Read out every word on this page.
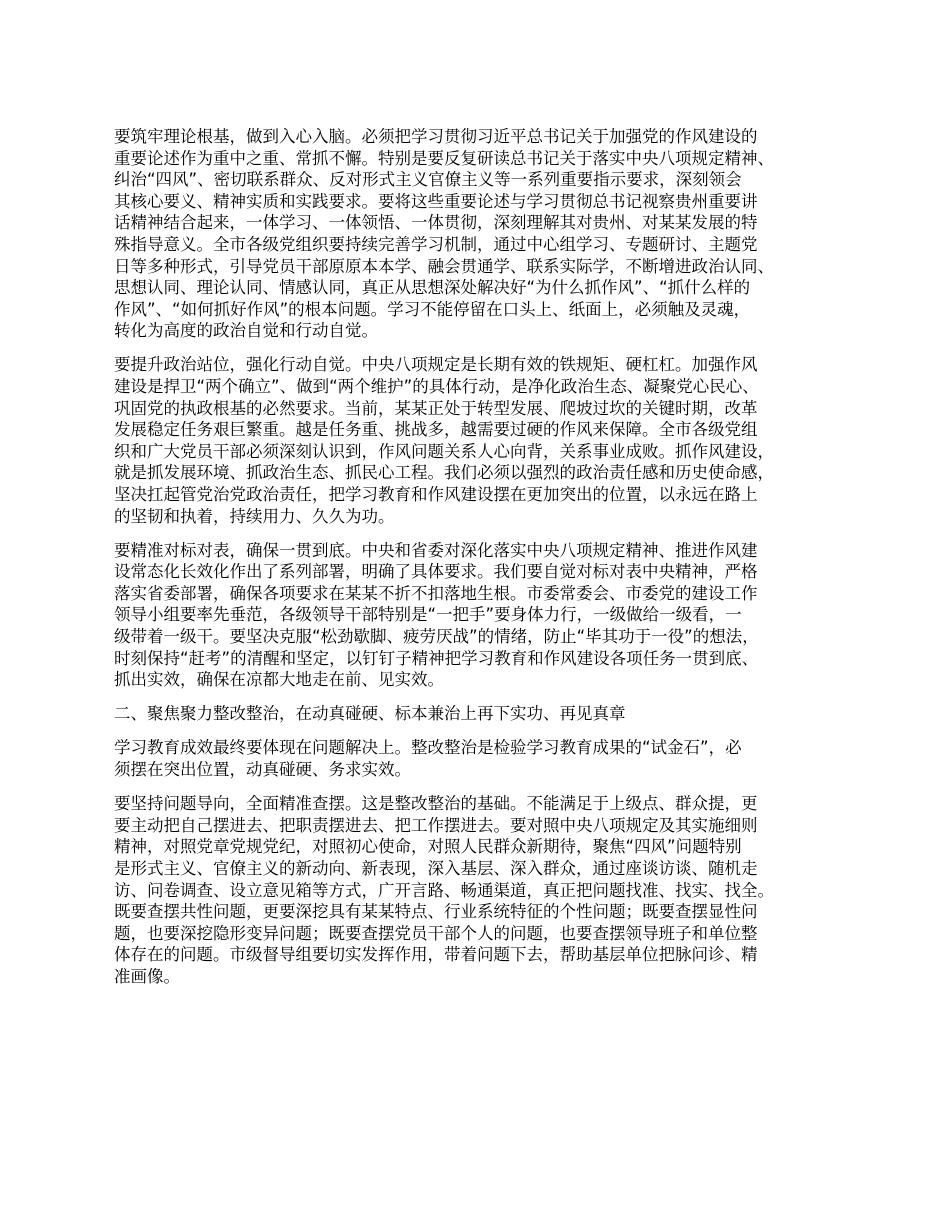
要筑牢理论根基，做到入心入脑。必须把学习贯彻习近平总书记关于加强党的作风建设的
重要论述作为重中之重、常抓不懈。特别是要反复研读总书记关于落实中央八项规定精神、
纠治“四风”、密切联系群众、反对形式主义官僚主义等一系列重要指示要求，深刻领会
其核心要义、精神实质和实践要求。要将这些重要论述与学习贯彻总书记视察贵州重要讲
话精神结合起来，一体学习、一体领悟、一体贯彻，深刻理解其对贵州、对某某发展的特
殊指导意义。全市各级党组织要持续完善学习机制，通过中心组学习、专题研讨、主题党
日等多种形式，引导党员干部原原本本学、融会贯通学、联系实际学，不断增进政治认同、
思想认同、理论认同、情感认同，真正从思想深处解决好“为什么抓作风”、“抓什么样的
作风”、“如何抓好作风”的根本问题。学习不能停留在口头上、纸面上，必须触及灵魂，
转化为高度的政治自觉和行动自觉。
要提升政治站位，强化行动自觉。中央八项规定是长期有效的铁规矩、硬杠杠。加强作风
建设是捍卫“两个确立”、做到“两个维护”的具体行动，是净化政治生态、凝聚党心民心、
巩固党的执政根基的必然要求。当前，某某正处于转型发展、爬坡过坎的关键时期，改革
发展稳定任务艰巨繁重。越是任务重、挑战多，越需要过硬的作风来保障。全市各级党组
织和广大党员干部必须深刻认识到，作风问题关系人心向背，关系事业成败。抓作风建设，
就是抓发展环境、抓政治生态、抓民心工程。我们必须以强烈的政治责任感和历史使命感，
坚决扛起管党治党政治责任，把学习教育和作风建设摆在更加突出的位置，以永远在路上
的坚韧和执着，持续用力、久久为功。
要精准对标对表，确保一贯到底。中央和省委对深化落实中央八项规定精神、推进作风建
设常态化长效化作出了系列部署，明确了具体要求。我们要自觉对标对表中央精神，严格
落实省委部署，确保各项要求在某某不折不扣落地生根。市委常委会、市委党的建设工作
领导小组要率先垂范，各级领导干部特别是“一把手”要身体力行，一级做给一级看，一
级带着一级干。要坚决克服“松劲歇脚、疲劳厌战”的情绪，防止“毕其功于一役”的想法，
时刻保持“赶考”的清醒和坚定，以钉钉子精神把学习教育和作风建设各项任务一贯到底、
抓出实效，确保在凉都大地走在前、见实效。
二、聚焦聚力整改整治，在动真碰硬、标本兼治上再下实功、再见真章
学习教育成效最终要体现在问题解决上。整改整治是检验学习教育成果的“试金石”，必
须摆在突出位置，动真碰硬、务求实效。
要坚持问题导向，全面精准查摆。这是整改整治的基础。不能满足于上级点、群众提，更
要主动把自己摆进去、把职责摆进去、把工作摆进去。要对照中央八项规定及其实施细则
精神，对照党章党规党纪，对照初心使命，对照人民群众新期待，聚焦“四风”问题特别
是形式主义、官僚主义的新动向、新表现，深入基层、深入群众，通过座谈访谈、随机走
访、问卷调查、设立意见箱等方式，广开言路、畅通渠道，真正把问题找准、找实、找全。
既要查摆共性问题，更要深挖具有某某特点、行业系统特征的个性问题；既要查摆显性问
题，也要深挖隐形变异问题；既要查摆党员干部个人的问题，也要查摆领导班子和单位整
体存在的问题。市级督导组要切实发挥作用，带着问题下去，帮助基层单位把脉问诊、精
准画像。
